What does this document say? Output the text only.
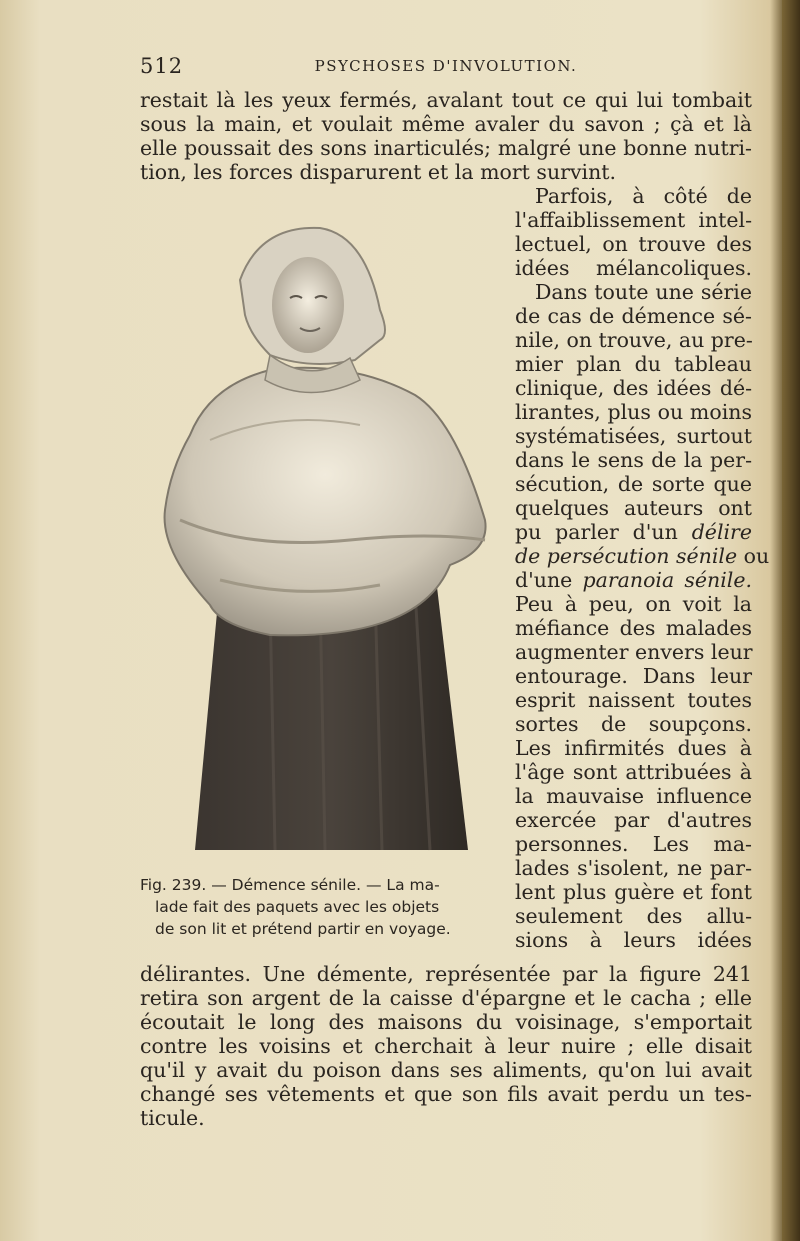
512	PSYCHOSES D'INVOLUTION.
restait là les yeux fermés, avalant tout ce qui lui tombait
sous la main, et voulait même avaler du savon ; çà et là
elle poussait des sons inarticulés; malgré une bonne nutri-
tion, les forces disparurent et la mort survint.
Parfois, à côté de
l'affaiblissement intel-
lectuel, on trouve des
idées mélancoliques.
Dans toute une série
de cas de démence sé-
nile, on trouve, au pre-
mier plan du tableau
clinique, des idées dé-
lirantes, plus ou moins
systématisées, surtout
dans le sens de la per-
sécution, de sorte que
quelques auteurs ont
pu parler d'un délire
de persécution sénile ou
d'une paranoia sénile.
Peu à peu, on voit la
méfiance des malades
augmenter envers leur
entourage. Dans leur
esprit naissent toutes
sortes de soupçons.
Les infirmités dues à
l'âge sont attribuées à
la mauvaise influence
exercée par d'autres
personnes. Les ma-
lades s'isolent, ne par-
lent plus guère et font
seulement des allu-
sions à leurs idées
délirantes. Une démente, représentée par la figure 241
retira son argent de la caisse d'épargne et le cacha ; elle
écoutait le long des maisons du voisinage, s'emportait
contre les voisins et cherchait à leur nuire ; elle disait
qu'il y avait du poison dans ses aliments, qu'on lui avait
changé ses vêtements et que son fils avait perdu un tes-
ticule.
Fig. 239. — Démence sénile. — La ma-
lade fait des paquets avec les objets
de son lit et prétend partir en voyage.
